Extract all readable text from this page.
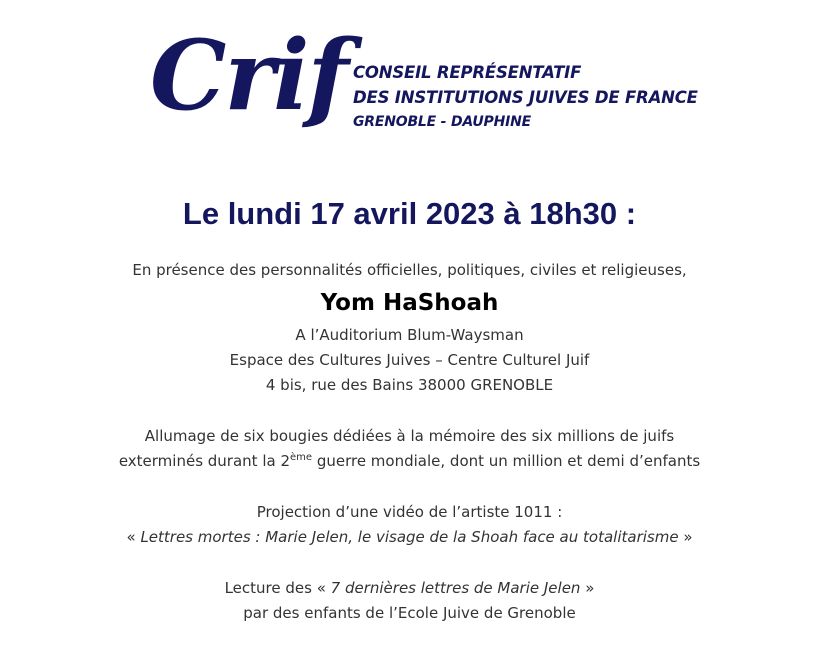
Crif CONSEIL REPRÉSENTATIF
DES INSTITUTIONS JUIVES DE FRANCE
GRENOBLE - DAUPHINE
Le lundi 17 avril 2023 à 18h30 :

En présence des personnalités officielles, politiques, civiles et religieuses,

Yom HaShoah

A l’Auditorium Blum-Waysman

Espace des Cultures Juives – Centre Culturel Juif

4 bis, rue des Bains 38000 GRENOBLE

Allumage de six bougies dédiées à la mémoire des six millions de juifs

exterminés durant la 2ème guerre mondiale, dont un million et demi d’enfants

Projection d’une vidéo de l’artiste 1011 :

« Lettres mortes : Marie Jelen, le visage de la Shoah face au totalitarisme »

Lecture des « 7 dernières lettres de Marie Jelen »

par des enfants de l’Ecole Juive de Grenoble
